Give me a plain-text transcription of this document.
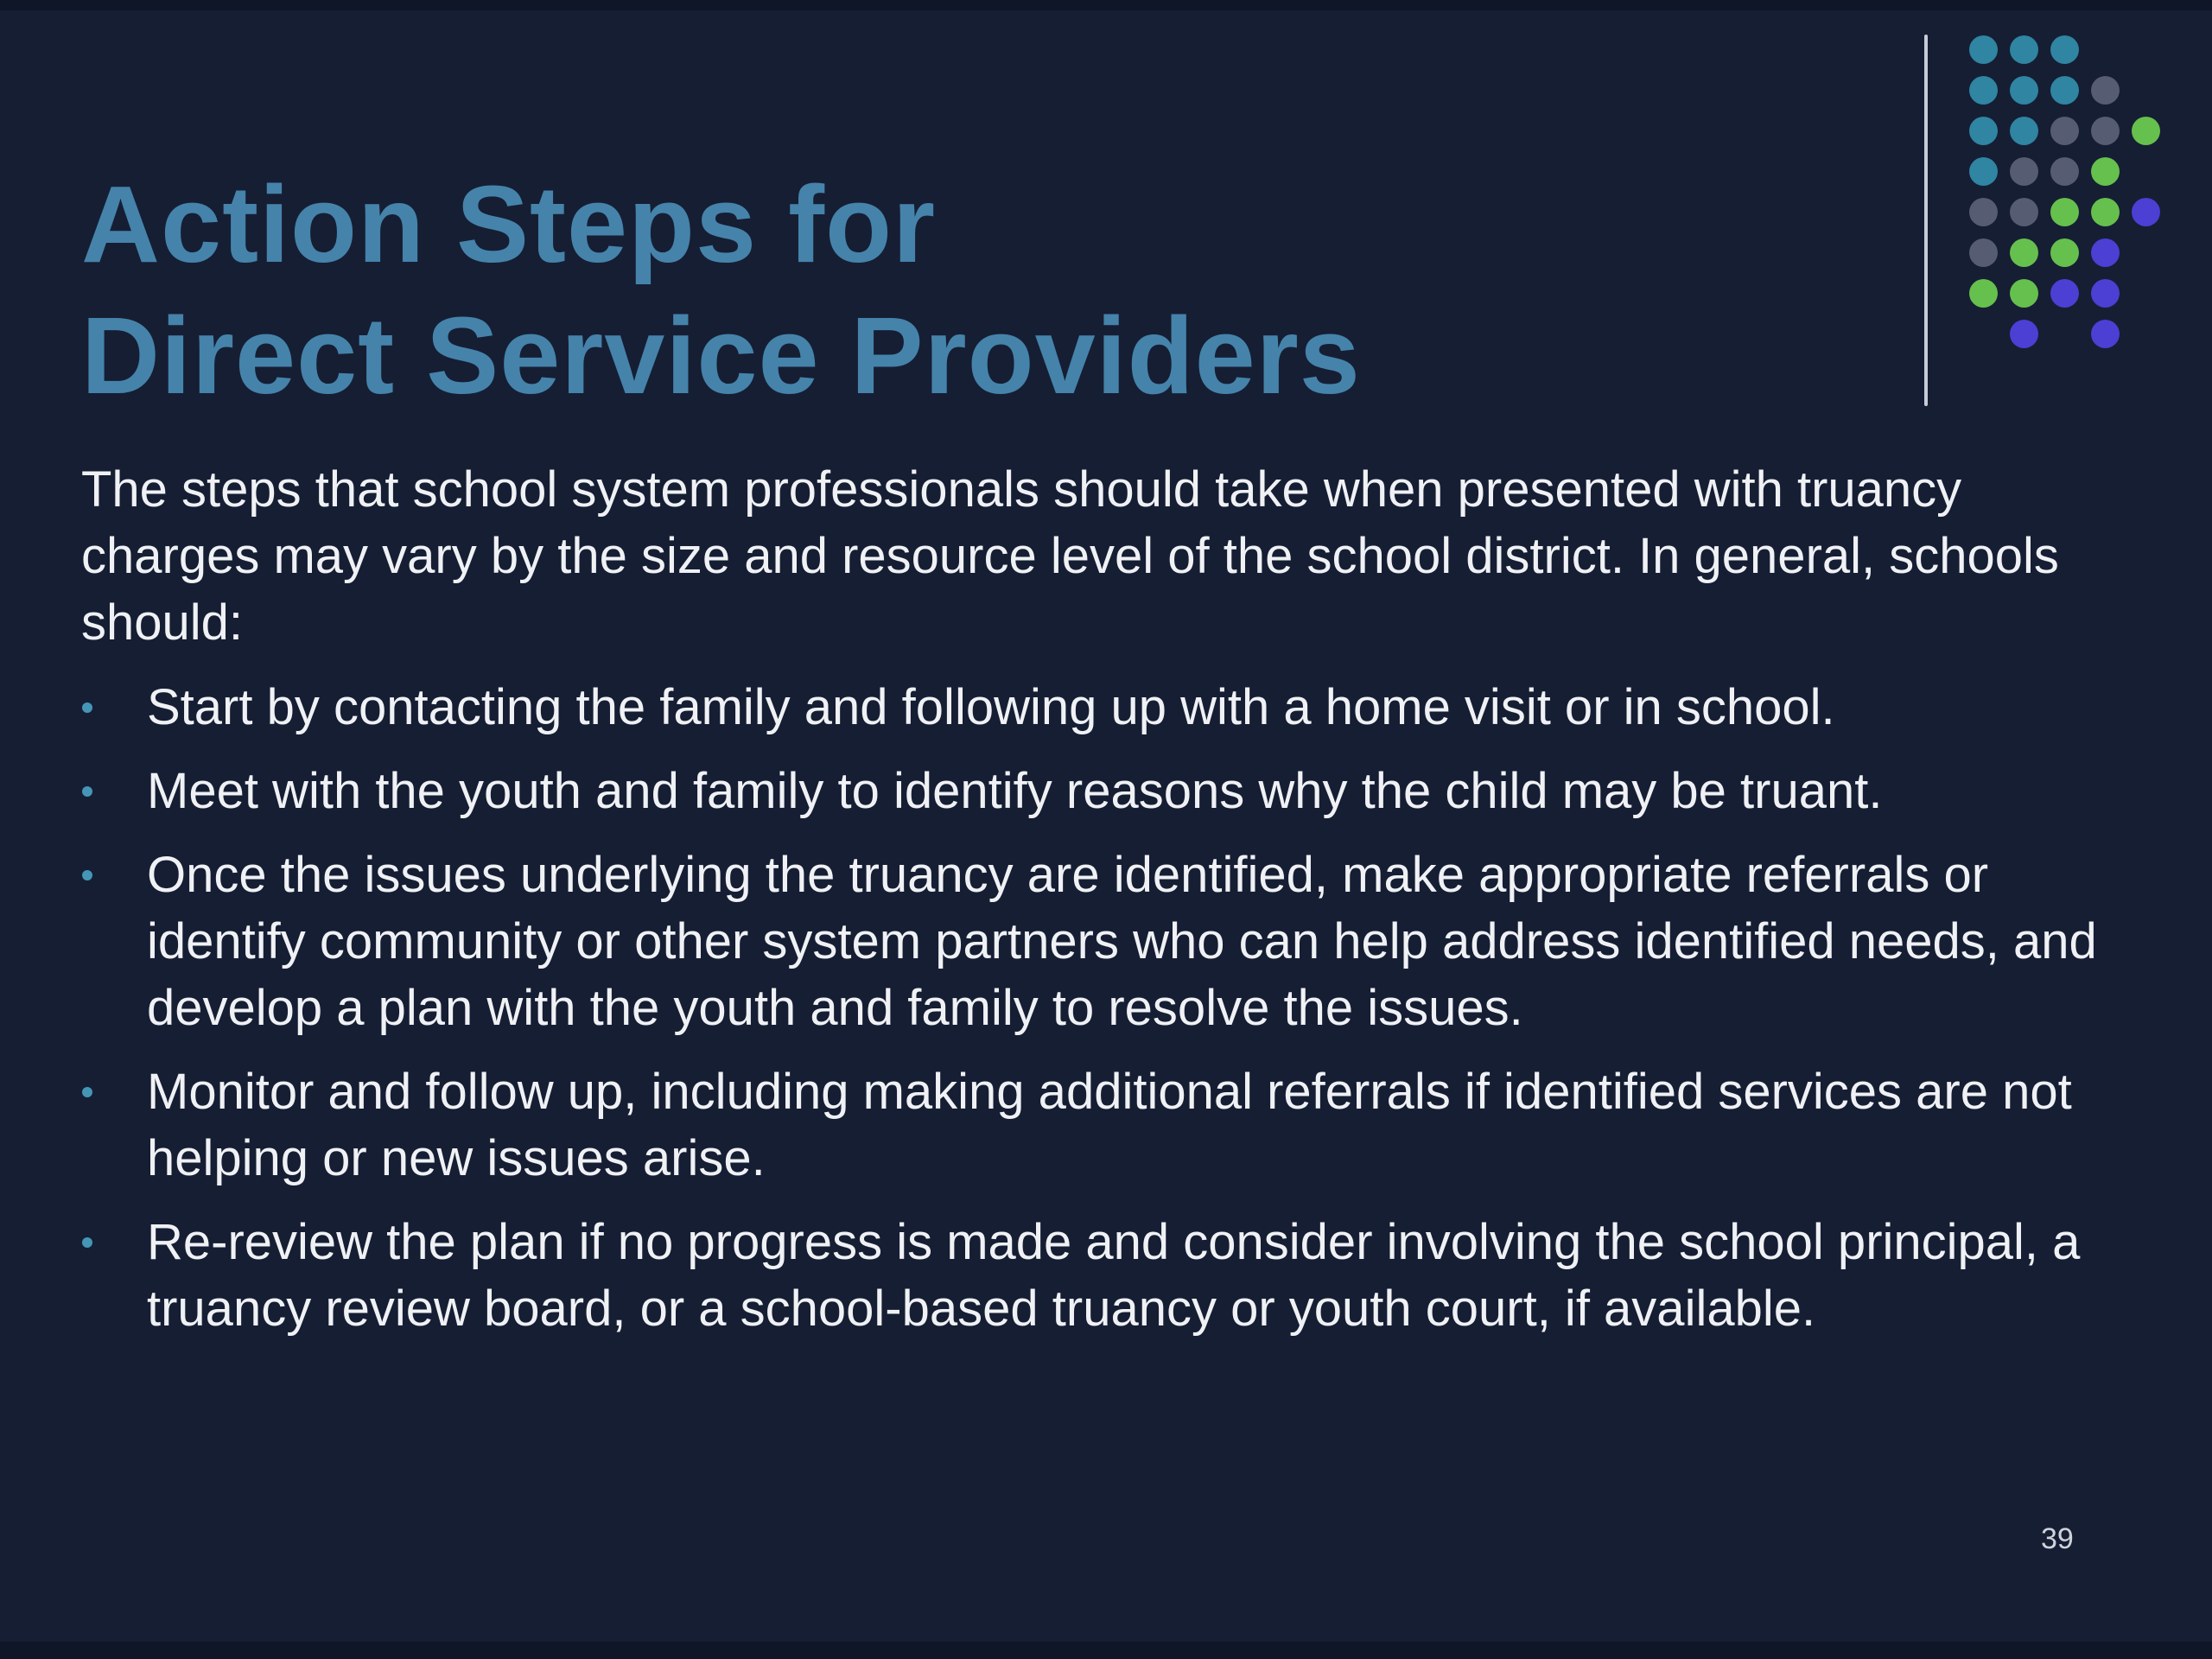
Action Steps for
Direct Service Providers

The steps that school system professionals should take when presented with truancy charges may vary by the size and resource level of the school district. In general, schools should:

Start by contacting the family and following up with a home visit or in school.
Meet with the youth and family to identify reasons why the child may be truant.
Once the issues underlying the truancy are identified, make appropriate referrals or identify community or other system partners who can help address identified needs, and develop a plan with the youth and family to resolve the issues.
Monitor and follow up, including making additional referrals if identified services are not helping or new issues arise.
Re-review the plan if no progress is made and consider involving the school principal, a truancy review board, or a school-based truancy or youth court, if available.
39
